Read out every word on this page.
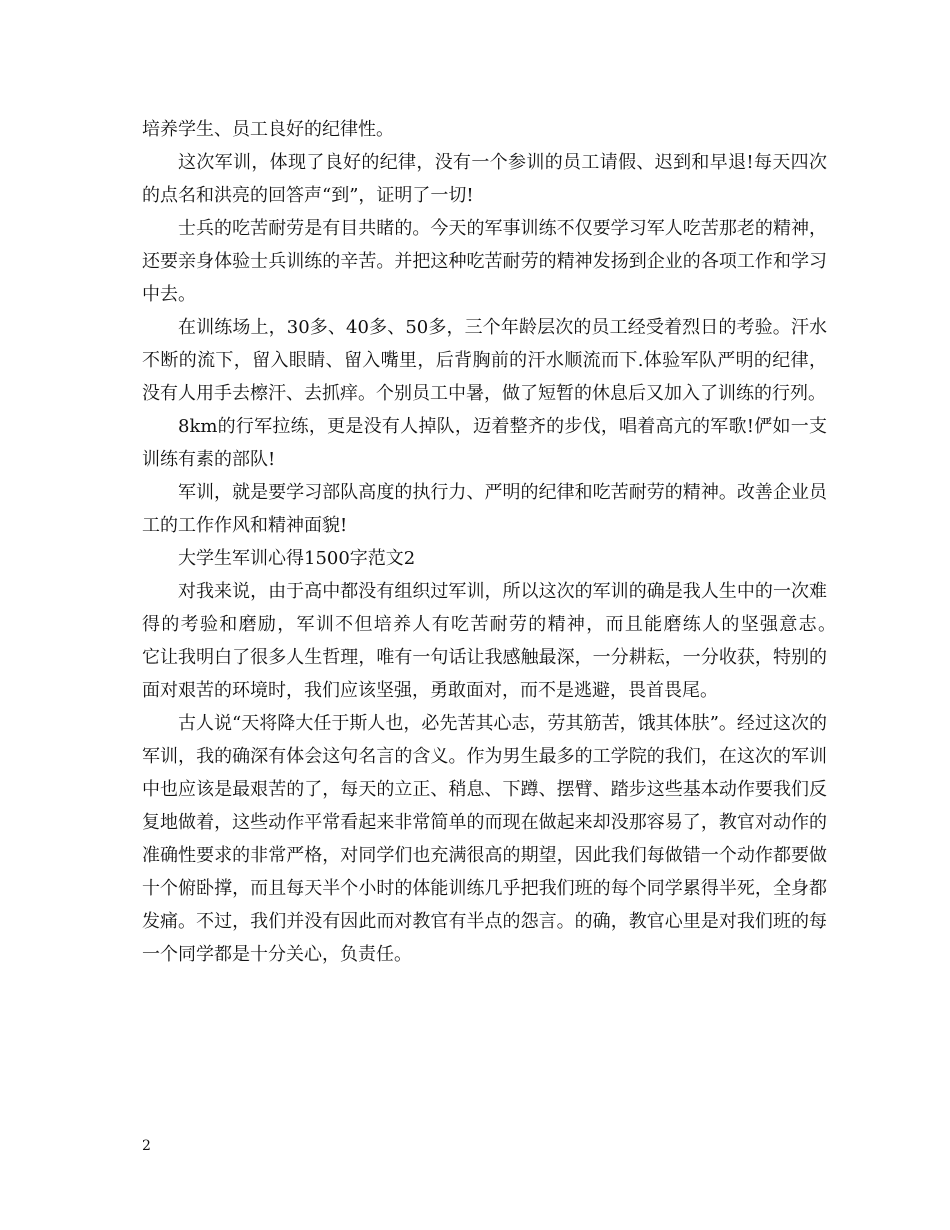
培养学生、员工良好的纪律性。

这次军训，体现了良好的纪律，没有一个参训的员工请假、迟到和早退!每天四次的点名和洪亮的回答声“到”，证明了一切!

士兵的吃苦耐劳是有目共睹的。今天的军事训练不仅要学习军人吃苦那老的精神，还要亲身体验士兵训练的辛苦。并把这种吃苦耐劳的精神发扬到企业的各项工作和学习中去。

在训练场上，30多、40多、50多，三个年龄层次的员工经受着烈日的考验。汗水不断的流下，留入眼睛、留入嘴里，后背胸前的汗水顺流而下.体验军队严明的纪律，没有人用手去檫汗、去抓痒。个别员工中暑，做了短暂的休息后又加入了训练的行列。

8km的行军拉练，更是没有人掉队，迈着整齐的步伐，唱着高亢的军歌!俨如一支训练有素的部队!

军训，就是要学习部队高度的执行力、严明的纪律和吃苦耐劳的精神。改善企业员工的工作作风和精神面貌!

大学生军训心得1500字范文2

对我来说，由于高中都没有组织过军训，所以这次的军训的确是我人生中的一次难得的考验和磨励，军训不但培养人有吃苦耐劳的精神，而且能磨练人的坚强意志。　　它让我明白了很多人生哲理，唯有一句话让我感触最深，一分耕耘，一分收获，特别的面对艰苦的环境时，我们应该坚强，勇敢面对，而不是逃避，畏首畏尾。

古人说“天将降大任于斯人也，必先苦其心志，劳其筋苦，饿其体肤”。经过这次的军训，我的确深有体会这句名言的含义。作为男生最多的工学院的我们，在这次的军训中也应该是最艰苦的了，每天的立正、稍息、下蹲、摆臂、踏步这些基本动作要我们反复地做着，这些动作平常看起来非常简单的而现在做起来却没那容易了，教官对动作的准确性要求的非常严格，对同学们也充满很高的期望，因此我们每做错一个动作都要做十个俯卧撑，而且每天半个小时的体能训练几乎把我们班的每个同学累得半死，全身都发痛。不过，我们并没有因此而对教官有半点的怨言。的确，教官心里是对我们班的每一个同学都是十分关心，负责任。

2
